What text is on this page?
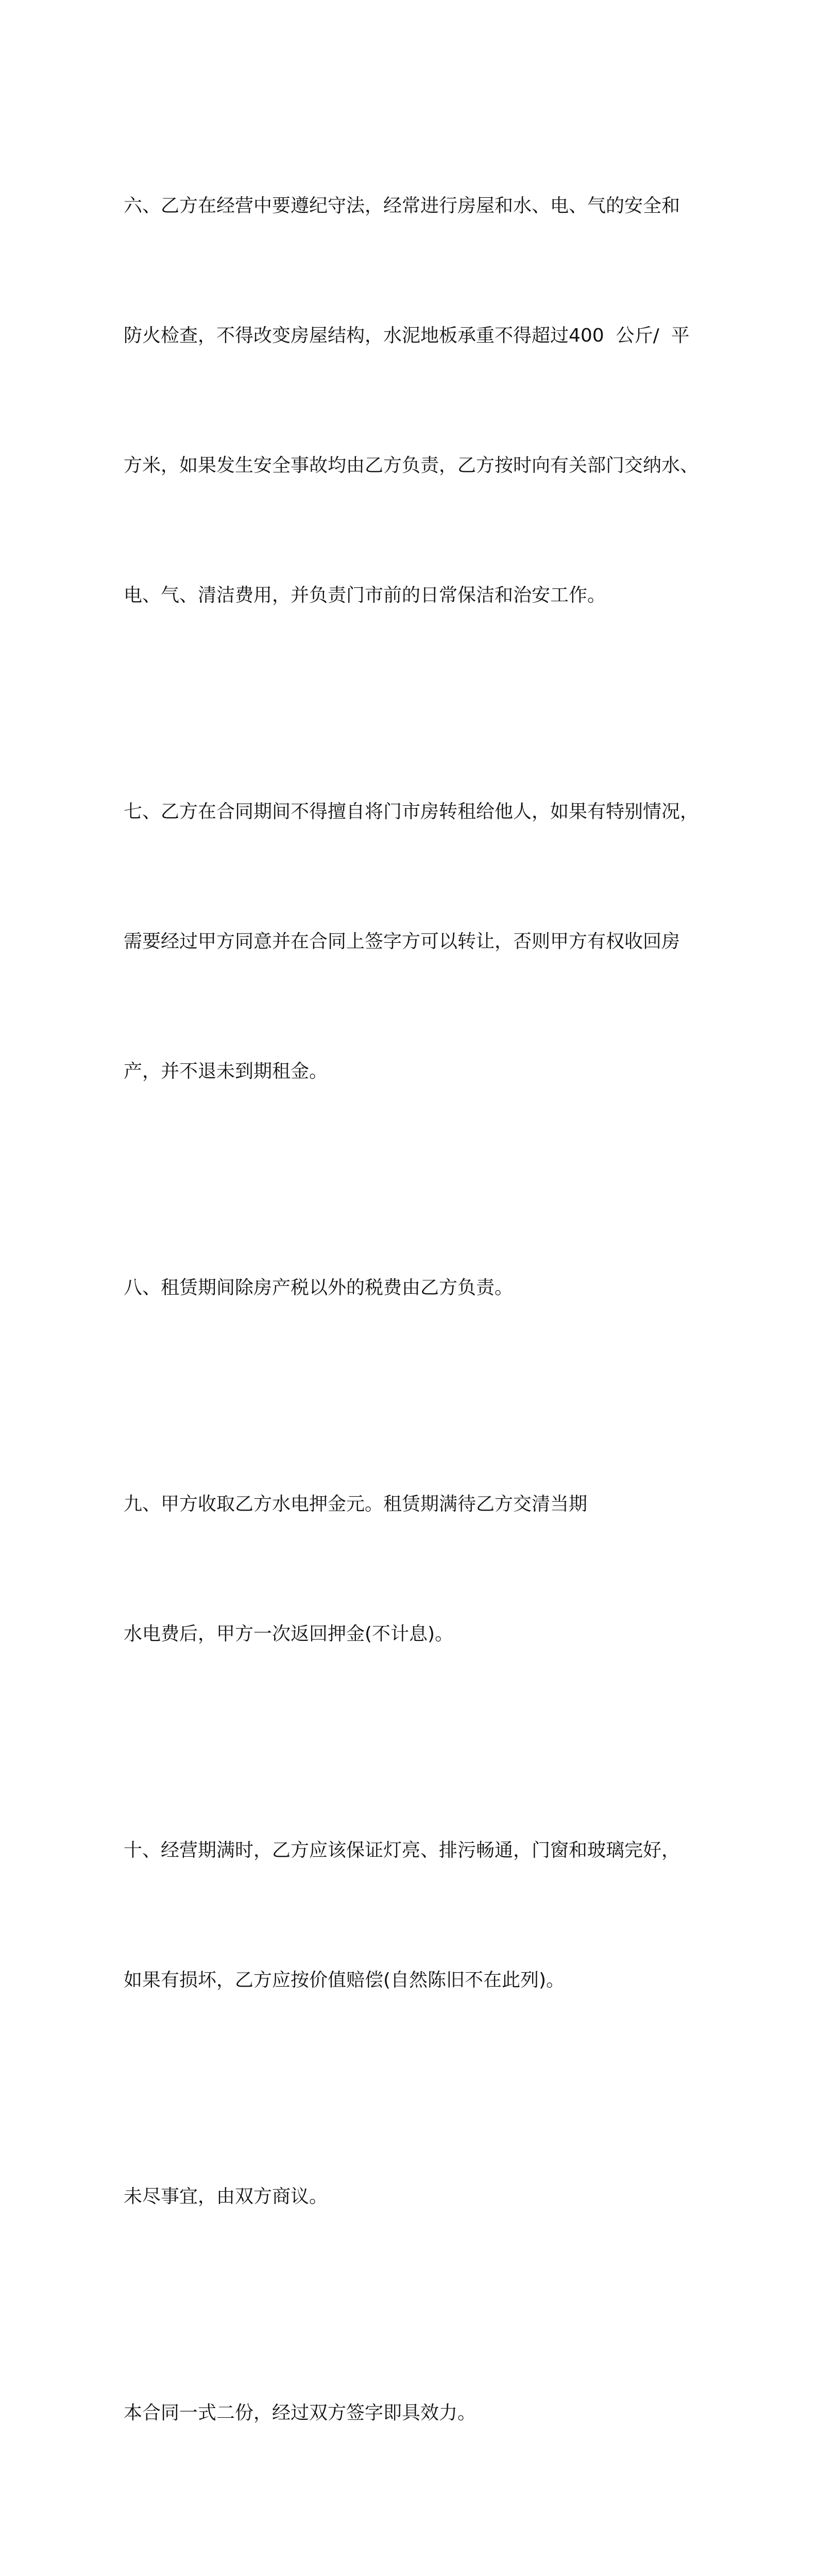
六、乙方在经营中要遵纪守法，经常进行房屋和水、电、气的安全和

防火检查，不得改变房屋结构，水泥地板承重不得超过400  公斤/  平

方米，如果发生安全事故均由乙方负责，乙方按时向有关部门交纳水、

电、气、清洁费用，并负责门市前的日常保洁和治安工作。

七、乙方在合同期间不得擅自将门市房转租给他人，如果有特别情况，

需要经过甲方同意并在合同上签字方可以转让，否则甲方有权收回房

产，并不退未到期租金。

八、租赁期间除房产税以外的税费由乙方负责。

九、甲方收取乙方水电押金元。租赁期满待乙方交清当期

水电费后，甲方一次返回押金(不计息)。

十、经营期满时，乙方应该保证灯亮、排污畅通，门窗和玻璃完好，

如果有损坏，乙方应按价值赔偿(自然陈旧不在此列)。

未尽事宜，由双方商议。

本合同一式二份，经过双方签字即具效力。
